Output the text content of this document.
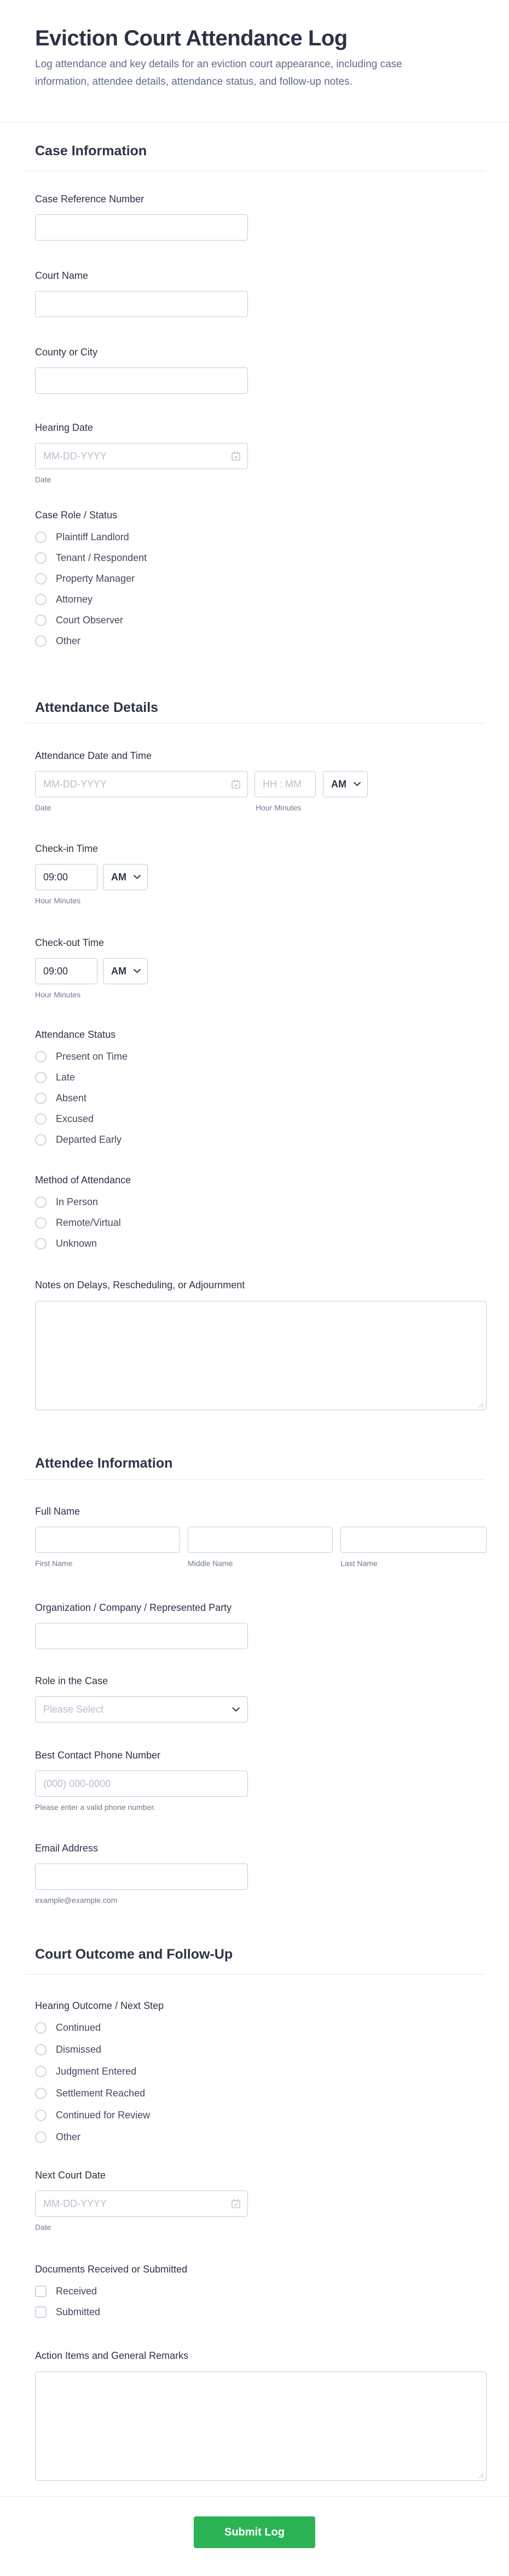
Eviction Court Attendance Log
Log attendance and key details for an eviction court appearance, including case information, attendee details, attendance status, and follow-up notes.
Case Information
Case Reference Number
Court Name
County or City
Hearing Date
MM-DD-YYYY
Date
Case Role / Status
Plaintiff Landlord
Tenant / Respondent
Property Manager
Attorney
Court Observer
Other
Attendance Details
Attendance Date and Time
MM-DD-YYYY
HH : MM
AM
Date	Hour Minutes
Check-in Time
09:00
AM
Hour Minutes
Check-out Time
09:00
AM
Hour Minutes
Attendance Status
Present on Time
Late
Absent
Excused
Departed Early
Method of Attendance
In Person
Remote/Virtual
Unknown
Notes on Delays, Rescheduling, or Adjournment
Attendee Information
Full Name
First Name	Middle Name	Last Name
Organization / Company / Represented Party
Role in the Case
Please Select
Best Contact Phone Number
(000) 000-0000
Please enter a valid phone number.
Email Address
example@example.com
Court Outcome and Follow-Up
Hearing Outcome / Next Step
Continued
Dismissed
Judgment Entered
Settlement Reached
Continued for Review
Other
Next Court Date
MM-DD-YYYY
Date
Documents Received or Submitted
Received
Submitted
Action Items and General Remarks
Submit Log
